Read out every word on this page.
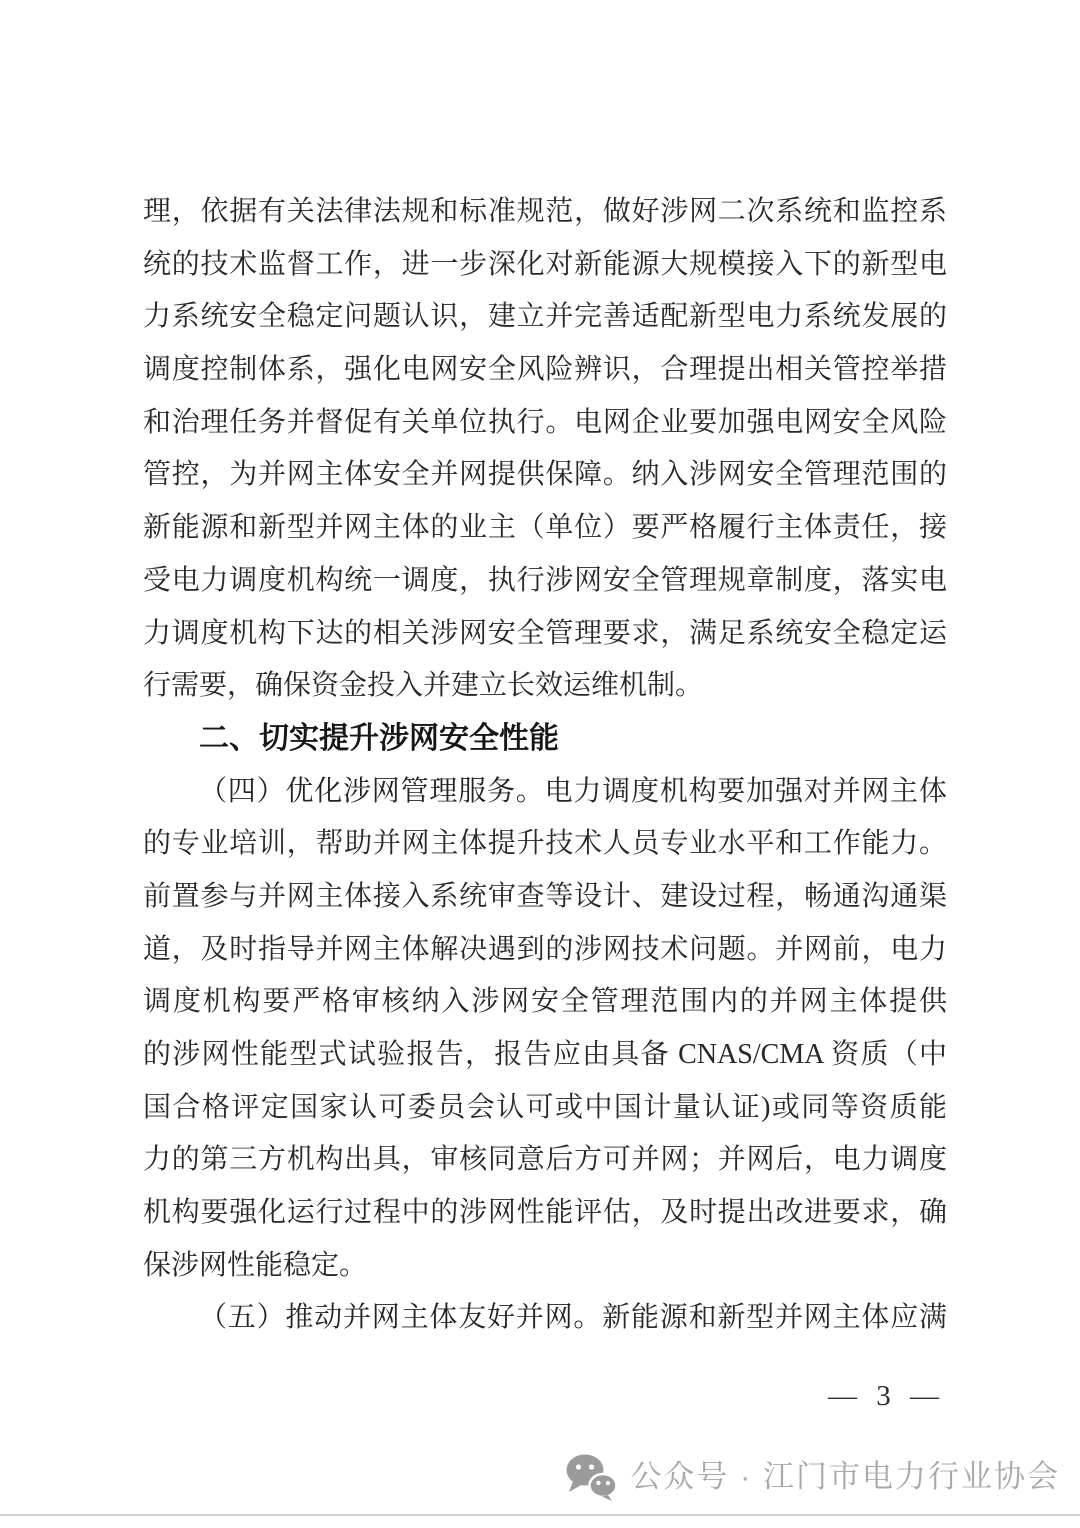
理，依据有关法律法规和标准规范，做好涉网二次系统和监控系
统的技术监督工作，进一步深化对新能源大规模接入下的新型电
力系统安全稳定问题认识，建立并完善适配新型电力系统发展的
调度控制体系，强化电网安全风险辨识，合理提出相关管控举措
和治理任务并督促有关单位执行。电网企业要加强电网安全风险
管控，为并网主体安全并网提供保障。纳入涉网安全管理范围的
新能源和新型并网主体的业主（单位）要严格履行主体责任，接
受电力调度机构统一调度，执行涉网安全管理规章制度，落实电
力调度机构下达的相关涉网安全管理要求，满足系统安全稳定运
行需要，确保资金投入并建立长效运维机制。
二、切实提升涉网安全性能
（四）优化涉网管理服务。电力调度机构要加强对并网主体
的专业培训，帮助并网主体提升技术人员专业水平和工作能力。
前置参与并网主体接入系统审查等设计、建设过程，畅通沟通渠
道，及时指导并网主体解决遇到的涉网技术问题。并网前，电力
调度机构要严格审核纳入涉网安全管理范围内的并网主体提供
的涉网性能型式试验报告，报告应由具备 CNAS/CMA 资质（中
国合格评定国家认可委员会认可或中国计量认证)或同等资质能
力的第三方机构出具，审核同意后方可并网；并网后，电力调度
机构要强化运行过程中的涉网性能评估，及时提出改进要求，确
保涉网性能稳定。
（五）推动并网主体友好并网。新能源和新型并网主体应满
— 3 —
公众号 · 江门市电力行业协会
